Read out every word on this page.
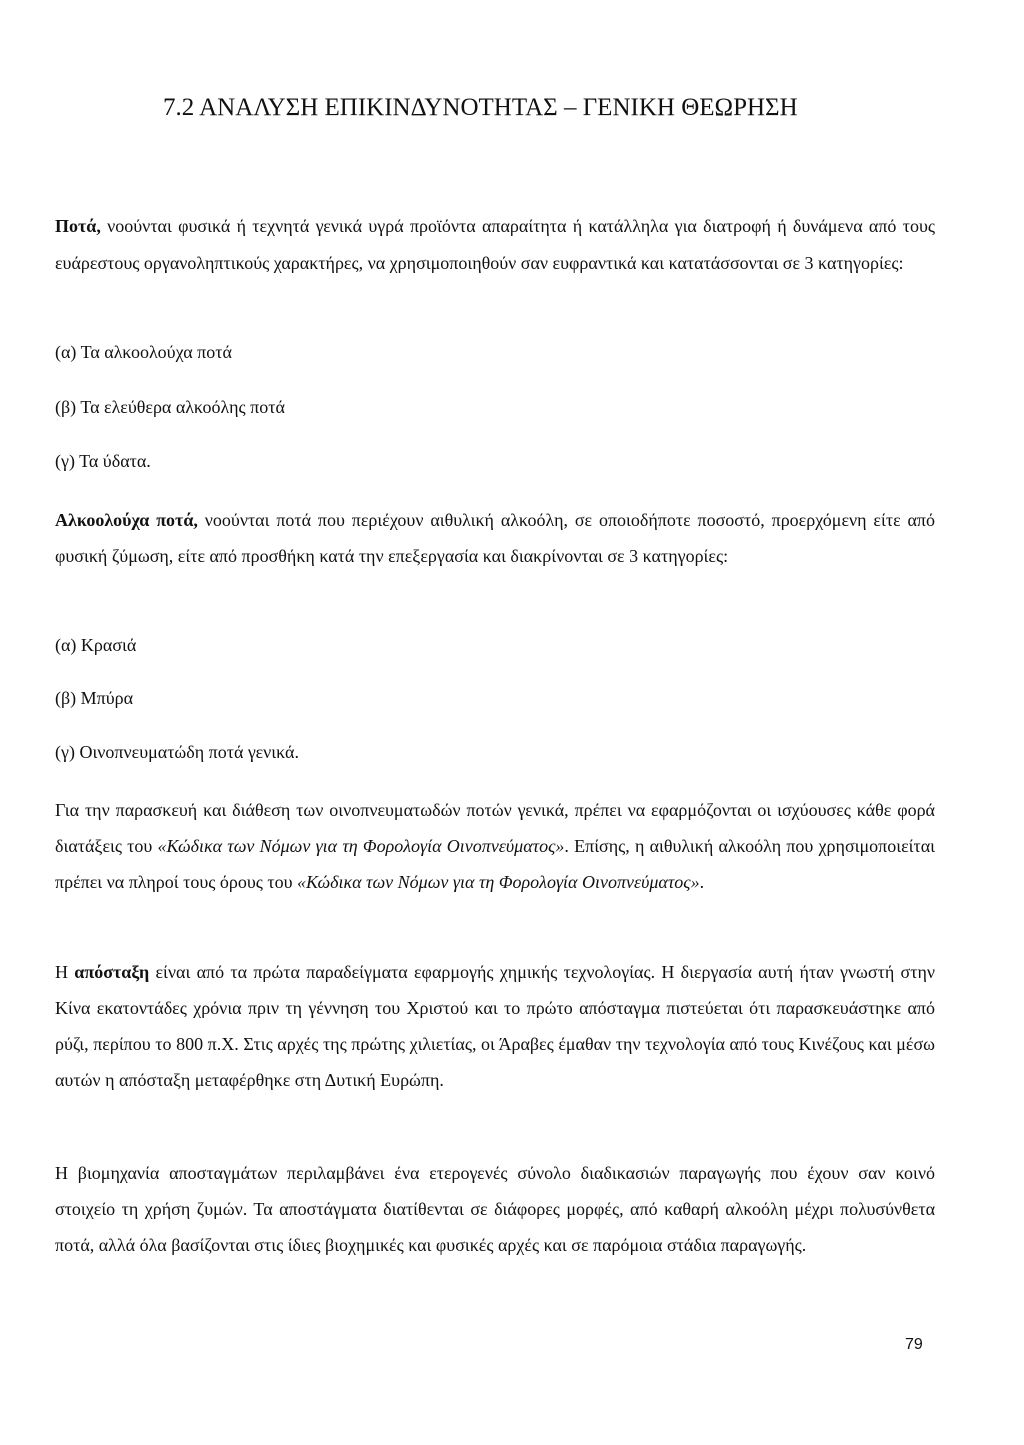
7.2 ΑΝΑΛΥΣΗ ΕΠΙΚΙΝΔΥΝΟΤΗΤΑΣ – ΓΕΝΙΚΗ ΘΕΩΡΗΣΗ

Ποτά, νοούνται φυσικά ή τεχνητά γενικά υγρά προϊόντα απαραίτητα ή κατάλληλα για διατροφή ή δυνάμενα από τους ευάρεστους οργανοληπτικούς χαρακτήρες, να χρησιμοποιηθούν σαν ευφραντικά και κατατάσσονται σε 3 κατηγορίες:

(α) Τα αλκοολούχα ποτά

(β) Τα ελεύθερα αλκοόλης ποτά

(γ) Τα ύδατα.

Αλκοολούχα ποτά, νοούνται ποτά που περιέχουν αιθυλική αλκοόλη, σε οποιοδήποτε ποσοστό, προερχόμενη είτε από φυσική ζύμωση, είτε από προσθήκη κατά την επεξεργασία και διακρίνονται σε 3 κατηγορίες:

(α) Κρασιά

(β) Μπύρα

(γ) Οινοπνευματώδη ποτά γενικά.

Για την παρασκευή και διάθεση των οινοπνευματωδών ποτών γενικά, πρέπει να εφαρμόζονται οι ισχύουσες κάθε φορά διατάξεις του «Κώδικα των Νόμων για τη Φορολογία Οινοπνεύματος». Επίσης, η αιθυλική αλκοόλη που χρησιμοποιείται πρέπει να πληροί τους όρους του «Κώδικα των Νόμων για τη Φορολογία Οινοπνεύματος».

Η απόσταξη είναι από τα πρώτα παραδείγματα εφαρμογής χημικής τεχνολογίας. Η διεργασία αυτή ήταν γνωστή στην Κίνα εκατοντάδες χρόνια πριν τη γέννηση του Χριστού και το πρώτο απόσταγμα πιστεύεται ότι παρασκευάστηκε από ρύζι, περίπου το 800 π.Χ. Στις αρχές της πρώτης χιλιετίας, οι Άραβες έμαθαν την τεχνολογία από τους Κινέζους και μέσω αυτών η απόσταξη μεταφέρθηκε στη Δυτική Ευρώπη.

Η βιομηχανία αποσταγμάτων περιλαμβάνει ένα ετερογενές σύνολο διαδικασιών παραγωγής που έχουν σαν κοινό στοιχείο τη χρήση ζυμών. Τα αποστάγματα διατίθενται σε διάφορες μορφές, από καθαρή αλκοόλη μέχρι πολυσύνθετα ποτά, αλλά όλα βασίζονται στις ίδιες βιοχημικές και φυσικές αρχές και σε παρόμοια στάδια παραγωγής.

79
